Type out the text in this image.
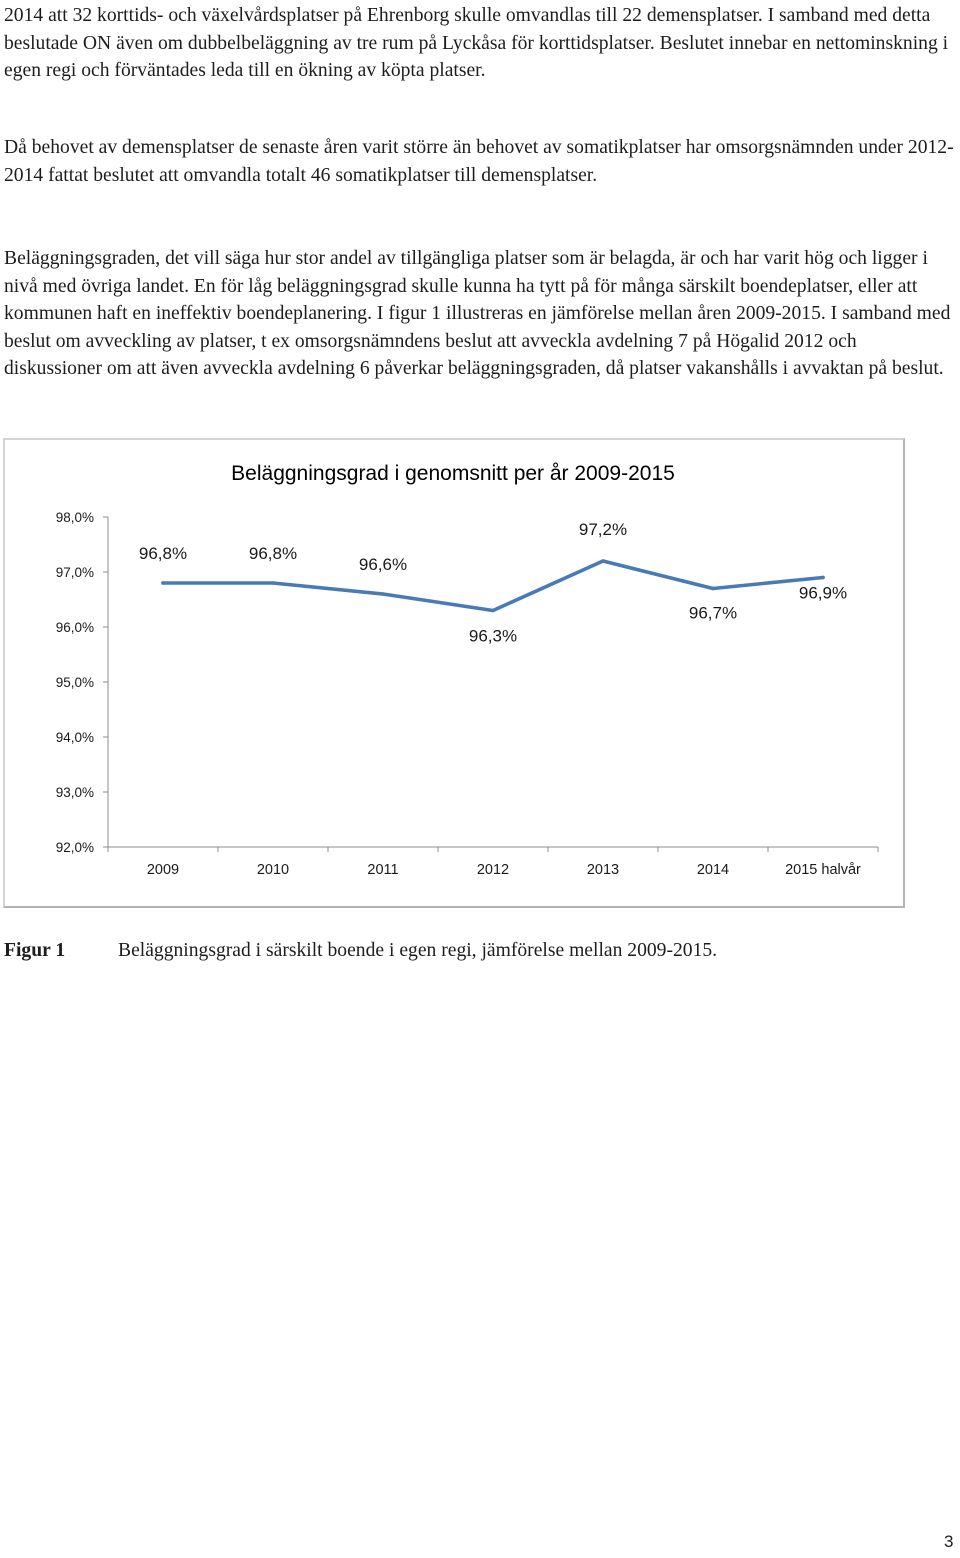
2014 att 32 korttids- och växelvårdsplatser på Ehrenborg skulle omvandlas till 22 demensplatser. I samband med detta beslutade ON även om dubbelbeläggning av tre rum på Lyckåsa för korttidsplatser. Beslutet innebar en nettominskning i egen regi och förväntades leda till en ökning av köpta platser.

Då behovet av demensplatser de senaste åren varit större än behovet av somatikplatser har omsorgsnämnden under 2012-2014 fattat beslutet att omvandla totalt 46 somatikplatser till demensplatser.

Beläggningsgraden, det vill säga hur stor andel av tillgängliga platser som är belagda, är och har varit hög och ligger i nivå med övriga landet. En för låg beläggningsgrad skulle kunna ha tytt på för många särskilt boendeplatser, eller att kommunen haft en ineffektiv boendeplanering. I figur 1 illustreras en jämförelse mellan åren 2009-2015. I samband med beslut om avveckling av platser, t ex omsorgsnämndens beslut att avveckla avdelning 7 på Högalid 2012 och diskussioner om att även avveckla avdelning 6 påverkar beläggningsgraden, då platser vakanshålls i avvaktan på beslut.

Beläggningsgrad i genomsnitt per år 2009-2015
98,0%
97,0%
96,0%
95,0%
94,0%
93,0%
92,0%
2009	2010	2011	2012	2013	2014	2015 halvår
96,8%	96,8%
96,6%
96,3%
97,2%
96,7%
96,9%

Figur 1	Beläggningsgrad i särskilt boende i egen regi, jämförelse mellan 2009-2015.

3
